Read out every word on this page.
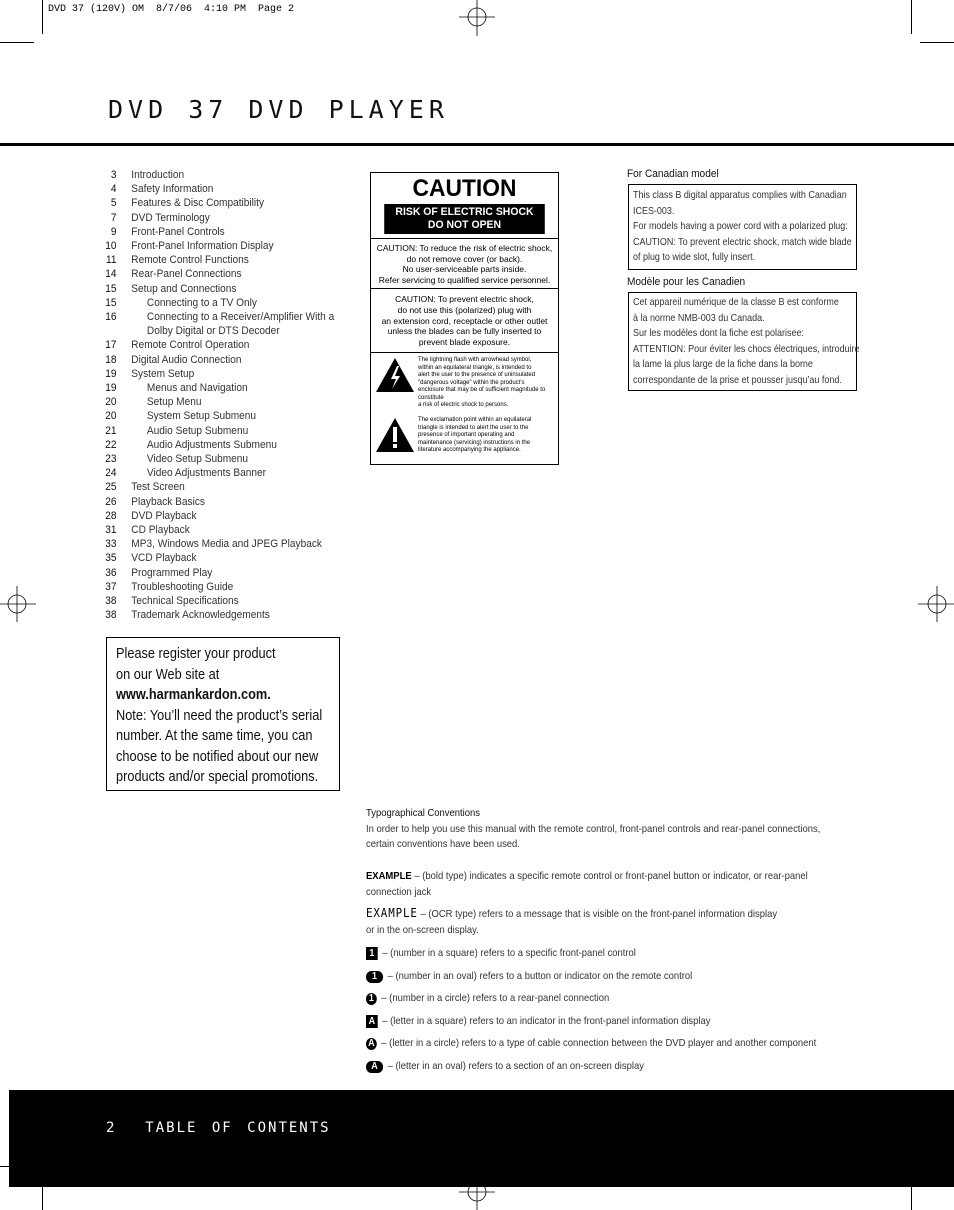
DVD 37 (120V) OM  8/7/06  4:10 PM  Page 2
DVD 37 DVD PLAYER
3 Introduction
4 Safety Information
5 Features & Disc Compatibility
7 DVD Terminology
9 Front-Panel Controls
10 Front-Panel Information Display
11 Remote Control Functions
14 Rear-Panel Connections
15 Setup and Connections
15	Connecting to a TV Only
16	Connecting to a Receiver/Amplifier With a
Dolby Digital or DTS Decoder
17 Remote Control Operation
18 Digital Audio Connection
19 System Setup
19	Menus and Navigation
20	Setup Menu
20	System Setup Submenu
21	Audio Setup Submenu
22	Audio Adjustments Submenu
23	Video Setup Submenu
24	Video Adjustments Banner
25 Test Screen
26 Playback Basics
28 DVD Playback
31 CD Playback
33 MP3, Windows Media and JPEG Playback
35 VCD Playback
36 Programmed Play
37 Troubleshooting Guide
38 Technical Specifications
38 Trademark Acknowledgements
Please register your product
on our Web site at
www.harmankardon.com.
Note: You’ll need the product’s serial
number. At the same time, you can
choose to be notified about our new
products and/or special promotions.
CAUTION
RISK OF ELECTRIC SHOCK
DO NOT OPEN
CAUTION: To reduce the risk of electric shock,
do not remove cover (or back).
No user-serviceable parts inside.
Refer servicing to qualified service personnel.
CAUTION: To prevent electric shock,
do not use this (polarized) plug with
an extension cord, receptacle or other outlet
unless the blades can be fully inserted to
prevent blade exposure.
The lightning flash with arrowhead symbol,
within an equilateral triangle, is intended to
alert the user to the presence of uninsulated
"dangerous voltage" within the product's
enclosure that may be of sufficient magnitude to constitute
a risk of electric shock to persons.
The exclamation point within an equilateral
triangle is intended to alert the user to the
presence of important operating and
maintenance (servicing) instructions in the
literature accompanying the appliance.
For Canadian model
This class B digital apparatus complies with Canadian
ICES-003.
For models having a power cord with a polarized plug:
CAUTION: To prevent electric shock, match wide blade
of plug to wide slot, fully insert.
Modèle pour les Canadien
Cet appareil numérique de la classe B est conforme
à la norme NMB-003 du Canada.
Sur les modèles dont la fiche est polarisee:
ATTENTION: Pour éviter les chocs électriques, introduire
la lame la plus large de la fiche dans la borne
correspondante de la prise et pousser jusqu’au fond.
Typographical Conventions
In order to help you use this manual with the remote control, front-panel controls and rear-panel connections,
certain conventions have been used.
EXAMPLE – (bold type) indicates a specific remote control or front-panel button or indicator, or rear-panel
connection jack
EXAMPLE – (OCR type) refers to a message that is visible on the front-panel information display
or in the on-screen display.
1 – (number in a square) refers to a specific front-panel control
1	– (number in an oval) refers to a button or indicator on the remote control
1 – (number in a circle) refers to a rear-panel connection
A – (letter in a square) refers to an indicator in the front-panel information display
A – (letter in a circle) refers to a type of cable connection between the DVD player and another component
A – (letter in an oval) refers to a section of an on-screen display
2 TABLE OF CONTENTS
